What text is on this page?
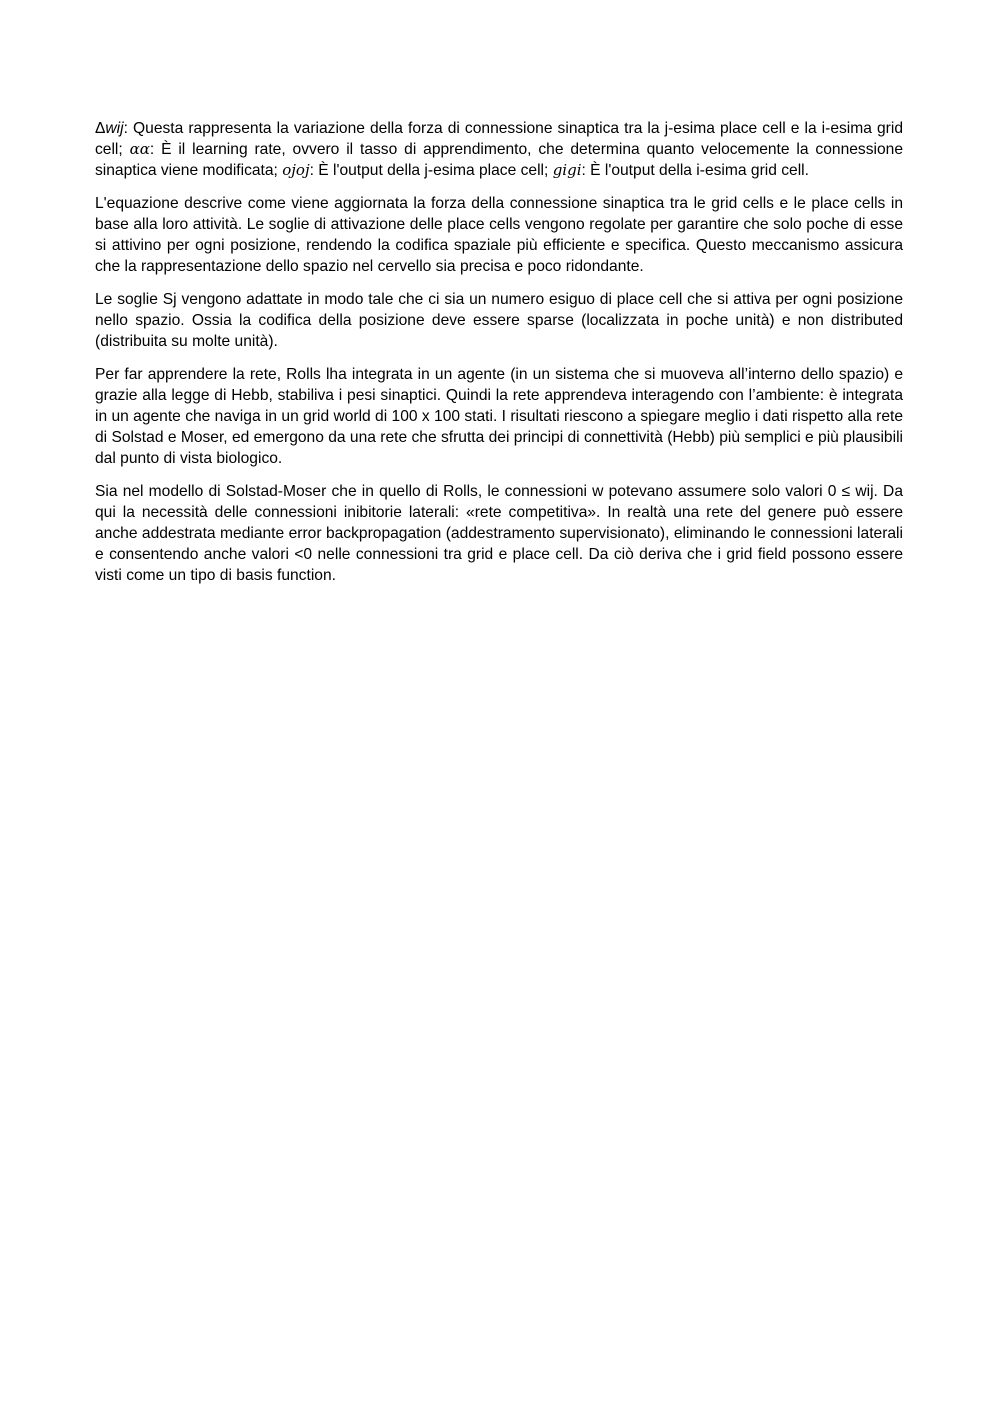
Δwij: Questa rappresenta la variazione della forza di connessione sinaptica tra la j-esima place cell e la i-esima grid cell; αα: È il learning rate, ovvero il tasso di apprendimento, che determina quanto velocemente la connessione sinaptica viene modificata; ojoj: È l'output della j-esima place cell; gigi: È l'output della i-esima grid cell.

L'equazione descrive come viene aggiornata la forza della connessione sinaptica tra le grid cells e le place cells in base alla loro attività. Le soglie di attivazione delle place cells vengono regolate per garantire che solo poche di esse si attivino per ogni posizione, rendendo la codifica spaziale più efficiente e specifica. Questo meccanismo assicura che la rappresentazione dello spazio nel cervello sia precisa e poco ridondante.

Le soglie Sj vengono adattate in modo tale che ci sia un numero esiguo di place cell che si attiva per ogni posizione nello spazio. Ossia la codifica della posizione deve essere sparse (localizzata in poche unità) e non distributed (distribuita su molte unità).

Per far apprendere la rete, Rolls lha integrata in un agente (in un sistema che si muoveva all’interno dello spazio) e grazie alla legge di Hebb, stabiliva i pesi sinaptici. Quindi la rete apprendeva interagendo con l’ambiente: è integrata in un agente che naviga in un grid world di 100 x 100 stati. I risultati riescono a spiegare meglio i dati rispetto alla rete di Solstad e Moser, ed emergono da una rete che sfrutta dei principi di connettività (Hebb) più semplici e più plausibili dal punto di vista biologico.

Sia nel modello di Solstad-Moser che in quello di Rolls, le connessioni w potevano assumere solo valori 0 ≤ wij. Da qui la necessità delle connessioni inibitorie laterali: «rete competitiva». In realtà una rete del genere può essere anche addestrata mediante error backpropagation (addestramento supervisionato), eliminando le connessioni laterali e consentendo anche valori <0 nelle connessioni tra grid e place cell. Da ciò deriva che i grid field possono essere visti come un tipo di basis function.
